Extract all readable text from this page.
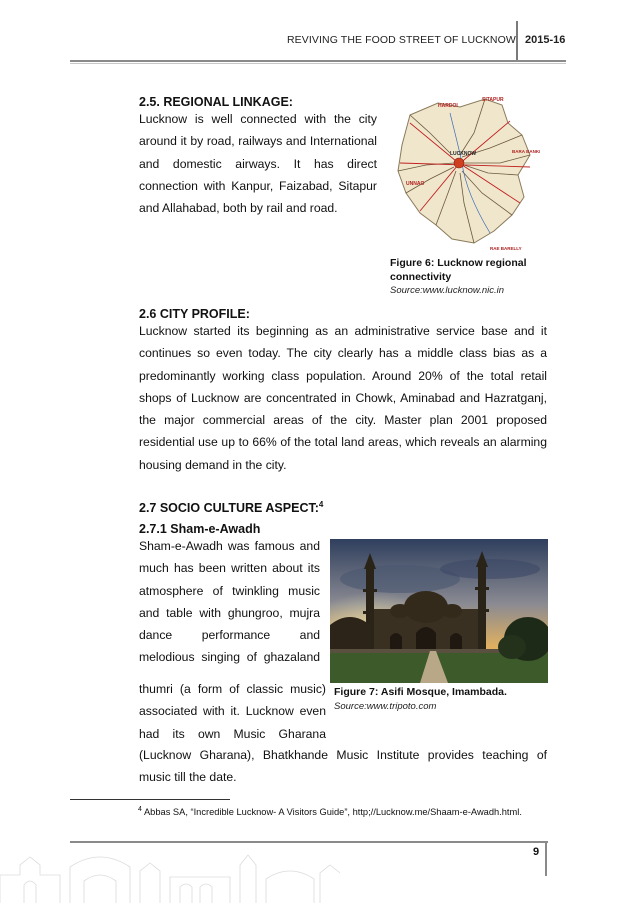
REVIVING THE FOOD STREET OF LUCKNOW 2015-16
2.5. REGIONAL LINKAGE:
Lucknow is well connected with the city
around it by road, railways and International
and domestic airways. It has direct
connection with Kanpur, Faizabad, Sitapur
and Allahabad, both by rail and road.
HARDOI
SITAPUR
BARA BANKI
LUCKNOW
UNNAO
RAE BARELLY
Figure 6: Lucknow regional connectivity
Source:www.lucknow.nic.in
2.6 CITY PROFILE:
Lucknow started its beginning as an administrative service base and it
continues so even today. The city clearly has a middle class bias as a
predominantly working class population. Around 20% of the total retail
shops of Lucknow are concentrated in Chowk, Aminabad and Hazratganj,
the major commercial areas of the city. Master plan 2001 proposed
residential use up to 66% of the total land areas, which reveals an alarming
housing demand in the city.
2.7 SOCIO CULTURE ASPECT:$^4$
2.7.1 Sham-e-Awadh
Sham-e-Awadh was famous and
much has been written about its
atmosphere of twinkling music
and table with ghungroo, mujra
dance performance and
melodious singing of ghazaland
thumri (a form of classic music)
associated with it. Lucknow even
had its own Music Gharana
(Lucknow Gharana), Bhatkhande Music Institute provides teaching of
music till the date.
Figure 7: Asifi Mosque, Imambada.
Source:www.tripoto.com
$^4$ Abbas SA, “Incredible Lucknow- A Visitors Guide”, http;//Lucknow.me/Shaam-e-Awadh.html.
9
